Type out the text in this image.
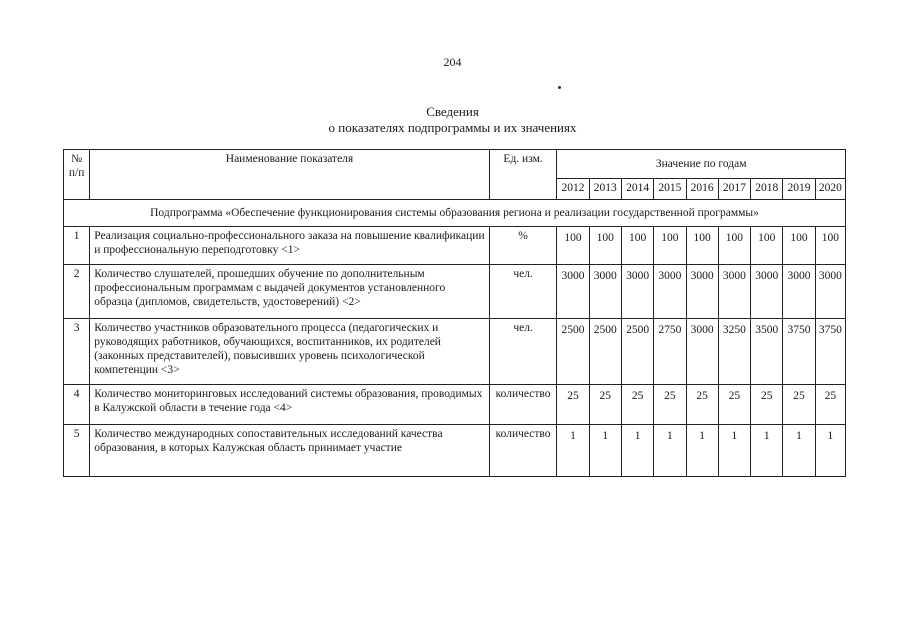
204
Сведения
о показателях подпрограммы и их значениях
№ п/п	Наименование показателя	Ед. изм.	Значение по годам								
			2012	2013	2014	2015	2016	2017	2018	2019	2020
Подпрограмма «Обеспечение функционирования системы образования региона и реализации государственной программы»											
1	Реализация социально-профессионального заказа на повышение квалификации и профессиональную переподготовку <1>	%	100	100	100	100	100	100	100	100	100
2	Количество слушателей, прошедших обучение по дополнительным профессиональным программам с выдачей документов установленного образца (дипломов, свидетельств, удостоверений) <2>	чел.	3000	3000	3000	3000	3000	3000	3000	3000	3000
3	Количество участников образовательного процесса (педагогических и руководящих работников, обучающихся, воспитанников, их родителей (законных представителей), повысивших уровень психологической компетенции <3>	чел.	2500	2500	2500	2750	3000	3250	3500	3750	3750
4	Количество мониторинговых исследований системы образования, проводимых в Калужской области в течение года <4>	количество	25	25	25	25	25	25	25	25	25
5	Количество международных сопоставительных исследований качества образования, в которых Калужская область принимает участие	количество	1	1	1	1	1	1	1	1	1
